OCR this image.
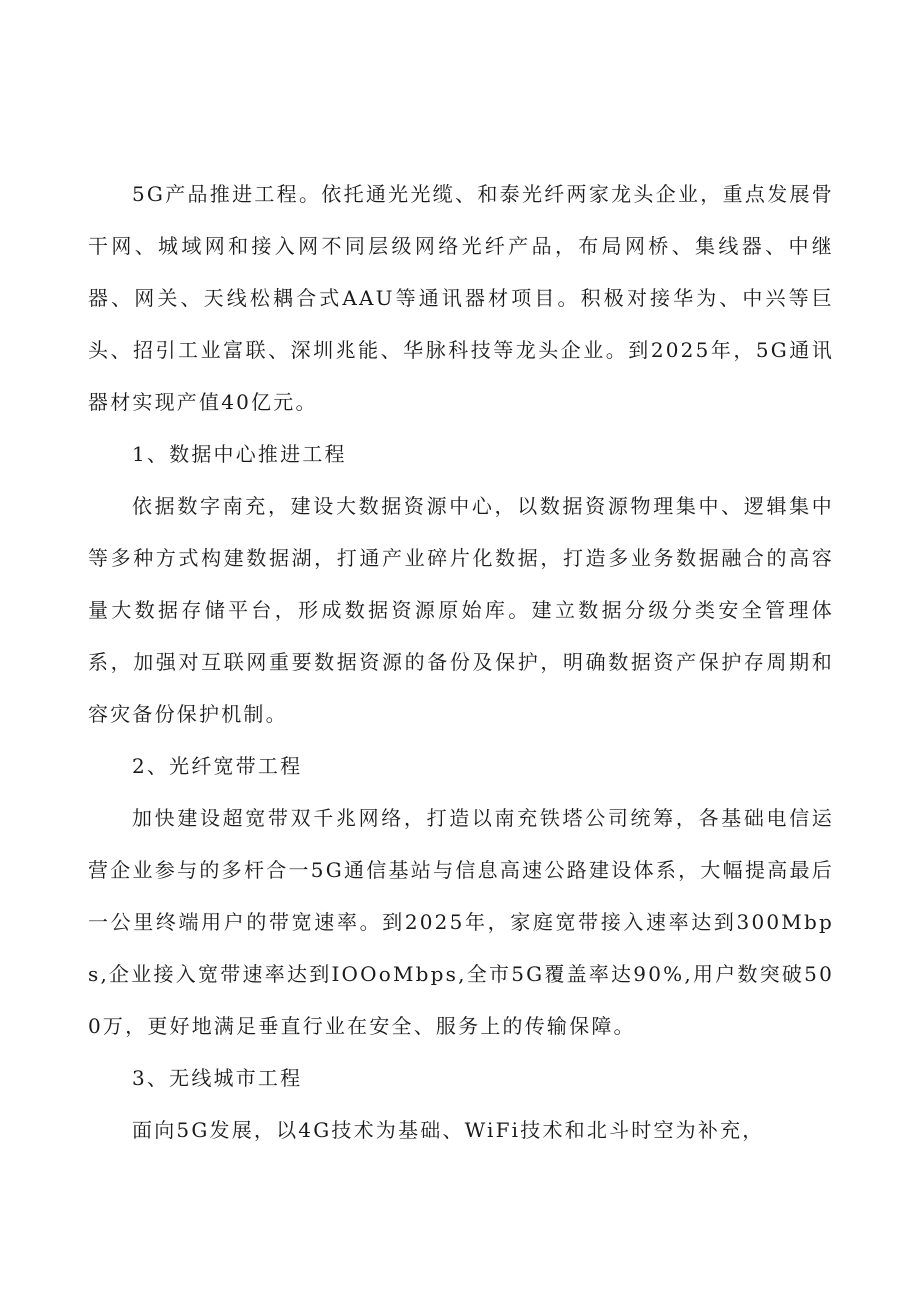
5G产品推进工程。依托通光光缆、和泰光纤两家龙头企业，重点发展骨干网、城域网和接入网不同层级网络光纤产品，布局网桥、集线器、中继器、网关、天线松耦合式AAU等通讯器材项目。积极对接华为、中兴等巨头、招引工业富联、深圳兆能、华脉科技等龙头企业。到2025年，5G通讯器材实现产值40亿元。

1、数据中心推进工程

依据数字南充，建设大数据资源中心，以数据资源物理集中、逻辑集中等多种方式构建数据湖，打通产业碎片化数据，打造多业务数据融合的高容量大数据存储平台，形成数据资源原始库。建立数据分级分类安全管理体系，加强对互联网重要数据资源的备份及保护，明确数据资产保护存周期和容灾备份保护机制。

2、光纤宽带工程

加快建设超宽带双千兆网络，打造以南充铁塔公司统筹，各基础电信运营企业参与的多杆合一5G通信基站与信息高速公路建设体系，大幅提高最后一公里终端用户的带宽速率。到2025年，家庭宽带接入速率达到300Mbps,企业接入宽带速率达到IOOoMbps,全市5G覆盖率达90%,用户数突破500万，更好地满足垂直行业在安全、服务上的传输保障。

3、无线城市工程

面向5G发展，以4G技术为基础、WiFi技术和北斗时空为补充，
